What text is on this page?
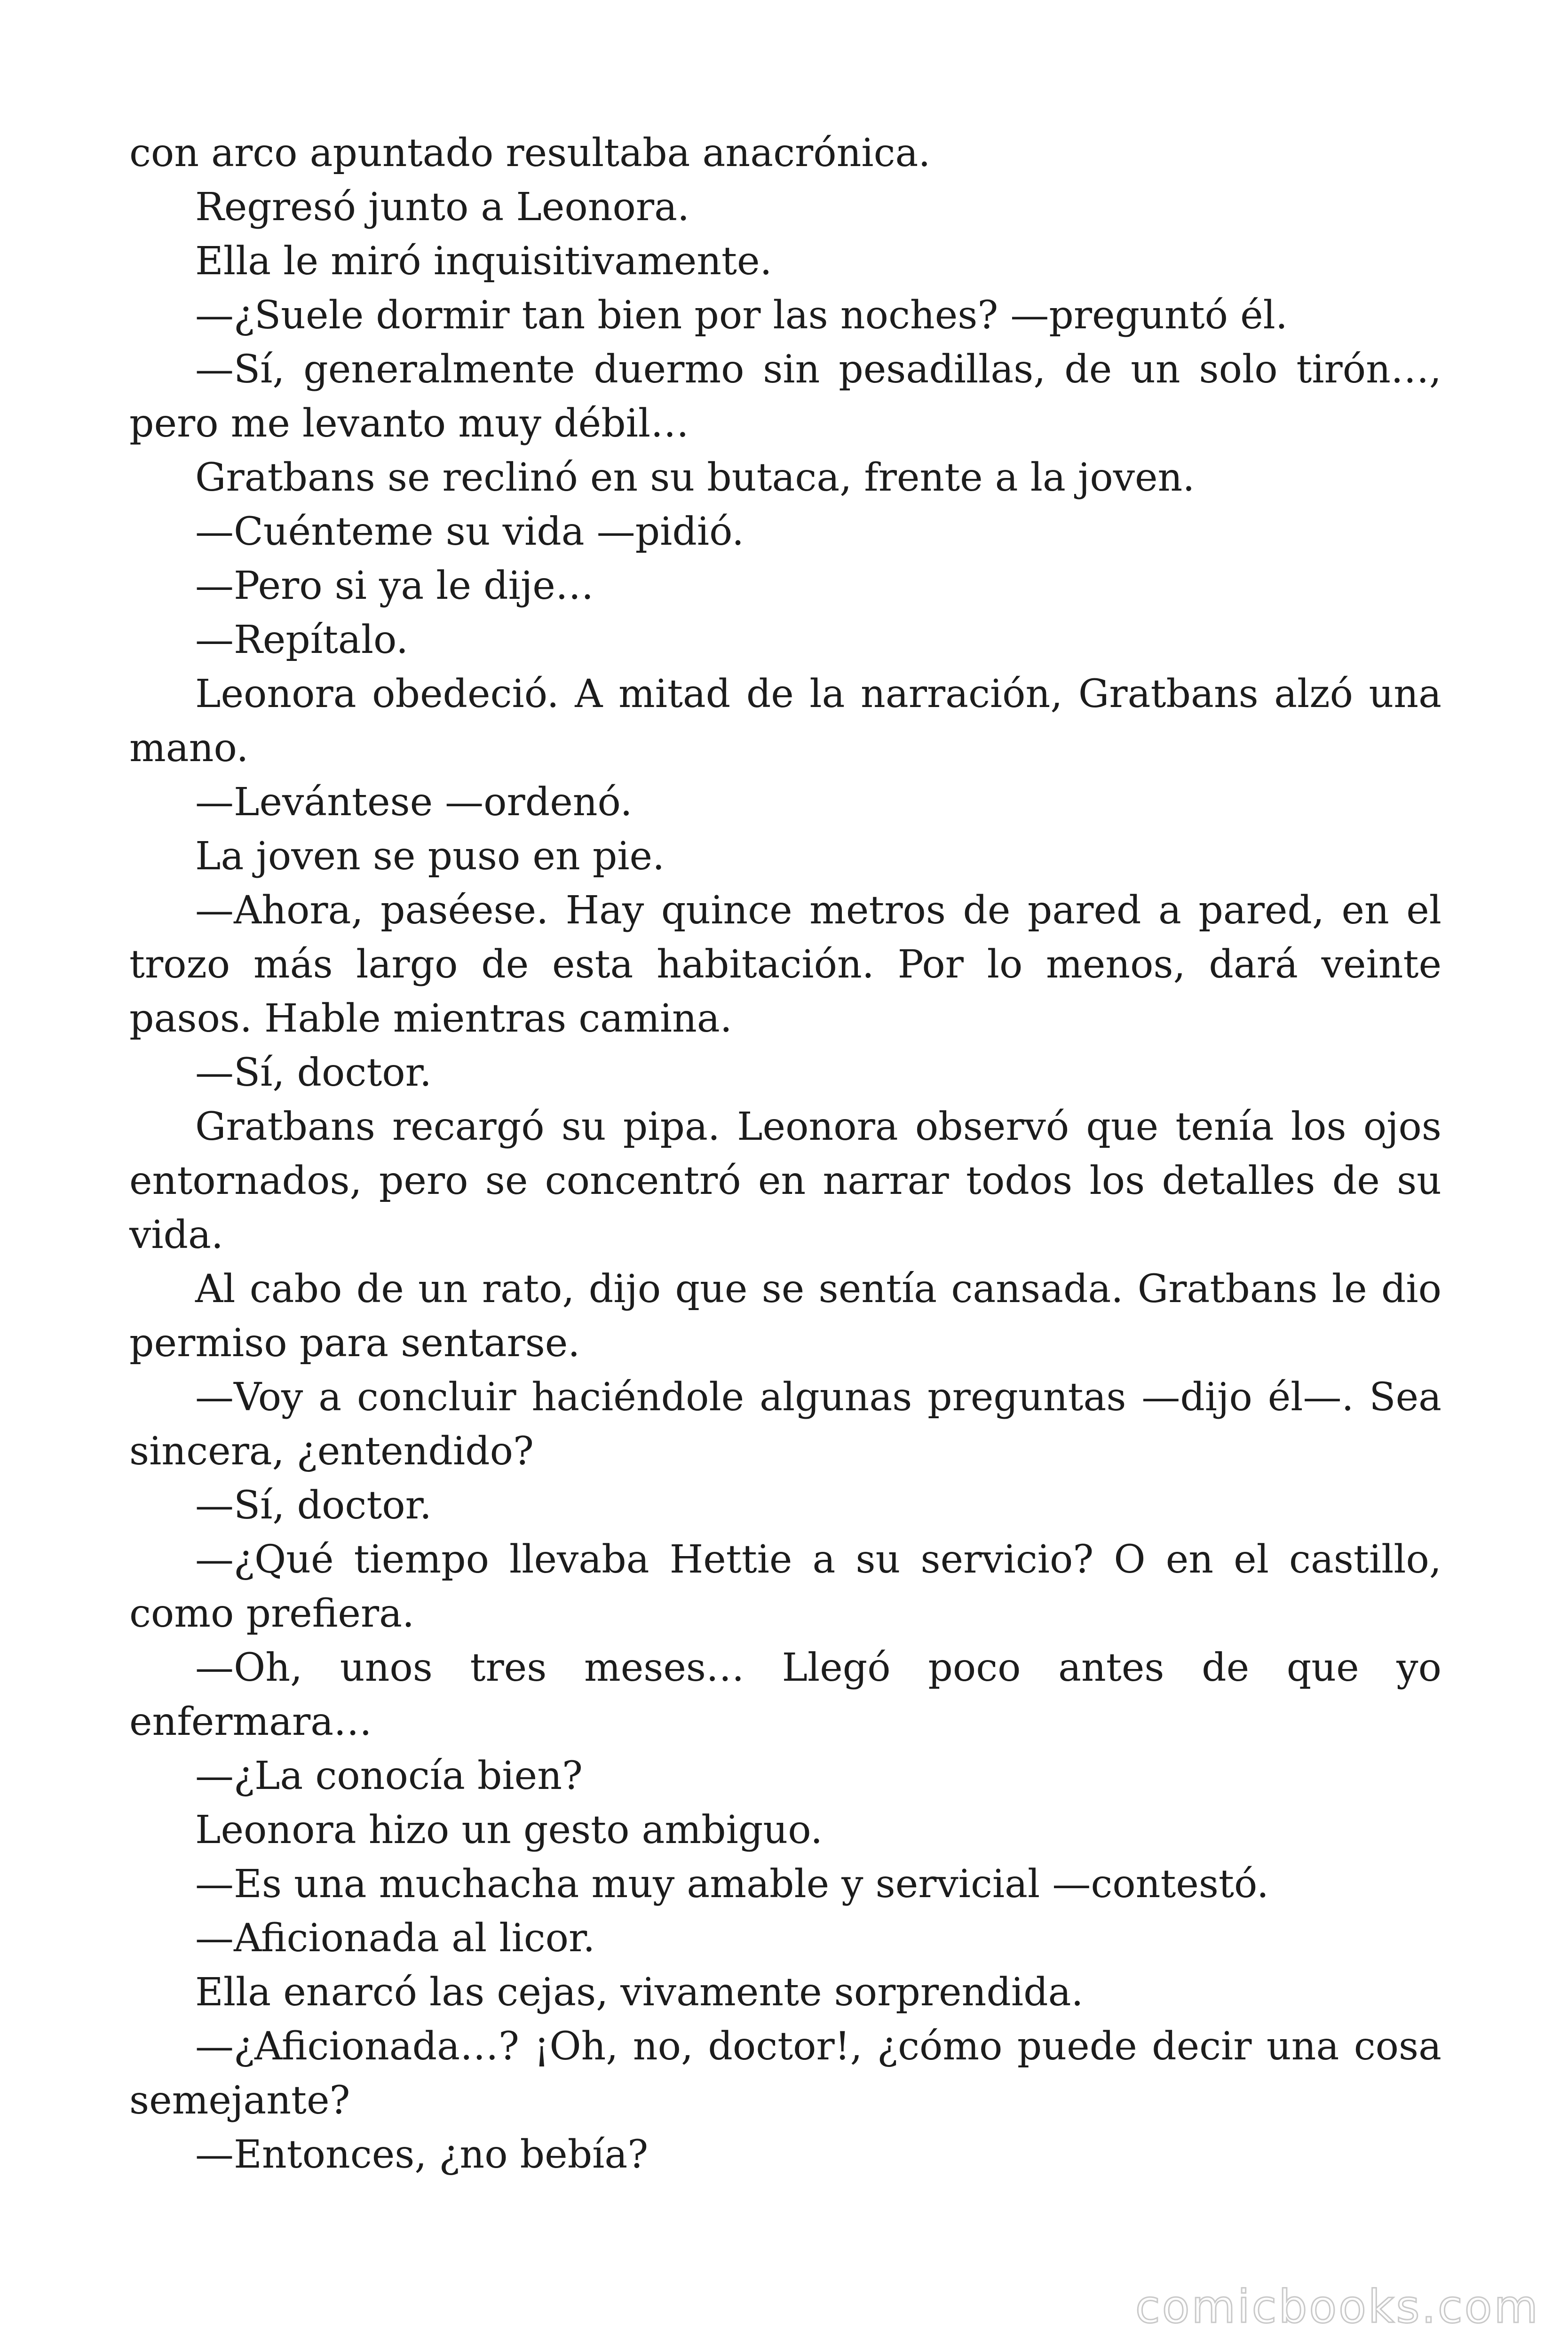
con arco apuntado resultaba anacrónica.

Regresó junto a Leonora.

Ella le miró inquisitivamente.

—¿Suele dormir tan bien por las noches? —preguntó él.

—Sí, generalmente duermo sin pesadillas, de un solo tirón…, pero me levanto muy débil…

Gratbans se reclinó en su butaca, frente a la joven.

—Cuénteme su vida —pidió.

—Pero si ya le dije…

—Repítalo.

Leonora obedeció. A mitad de la narración, Gratbans alzó una mano.

—Levántese —ordenó.

La joven se puso en pie.

—Ahora, paséese. Hay quince metros de pared a pared, en el trozo más largo de esta habitación. Por lo menos, dará veinte pasos. Hable mientras camina.

—Sí, doctor.

Gratbans recargó su pipa. Leonora observó que tenía los ojos entornados, pero se concentró en narrar todos los detalles de su vida.

Al cabo de un rato, dijo que se sentía cansada. Gratbans le dio permiso para sentarse.

—Voy a concluir haciéndole algunas preguntas —dijo él—. Sea sincera, ¿entendido?

—Sí, doctor.

—¿Qué tiempo llevaba Hettie a su servicio? O en el castillo, como prefiera.

—Oh, unos tres meses… Llegó poco antes de que yo enfermara…

—¿La conocía bien?

Leonora hizo un gesto ambiguo.

—Es una muchacha muy amable y servicial —contestó.

—Aficionada al licor.

Ella enarcó las cejas, vivamente sorprendida.

—¿Aficionada…? ¡Oh, no, doctor!, ¿cómo puede decir una cosa semejante?

—Entonces, ¿no bebía?

comicbooks.com
